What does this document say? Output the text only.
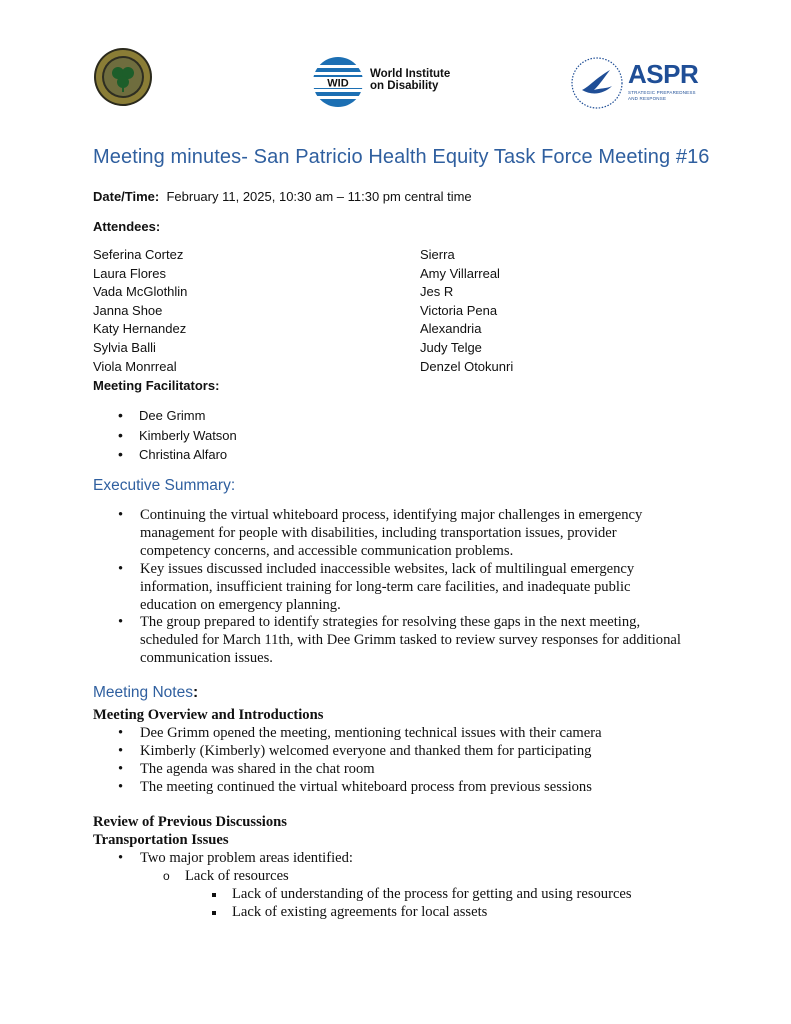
WID
World Institute
on Disability	ASPR
STRATEGIC PREPAREDNESS AND RESPONSE
Meeting minutes- San Patricio Health Equity Task Force Meeting #16
Date/Time: February 11, 2025, 10:30 am – 11:30 pm central time
Attendees:
Seferina Cortez
Laura Flores
Vada McGlothlin
Janna Shoe
Katy Hernandez
Sylvia Balli
Viola Monrreal
Sierra
Amy Villarreal
Jes R
Victoria Pena
Alexandria
Judy Telge
Denzel Otokunri
Meeting Facilitators:
• Dee Grimm
• Kimberly Watson
• Christina Alfaro
Executive Summary:
• Continuing the virtual whiteboard process, identifying major challenges in emergency management for people with disabilities, including transportation issues, provider competency concerns, and accessible communication problems.
• Key issues discussed included inaccessible websites, lack of multilingual emergency information, insufficient training for long-term care facilities, and inadequate public education on emergency planning.
• The group prepared to identify strategies for resolving these gaps in the next meeting, scheduled for March 11th, with Dee Grimm tasked to review survey responses for additional communication issues.
Meeting Notes:
Meeting Overview and Introductions
• Dee Grimm opened the meeting, mentioning technical issues with their camera
• Kimberly (Kimberly) welcomed everyone and thanked them for participating
• The agenda was shared in the chat room
• The meeting continued the virtual whiteboard process from previous sessions
Review of Previous Discussions
Transportation Issues
• Two major problem areas identified:
o Lack of resources
Lack of understanding of the process for getting and using resources
Lack of existing agreements for local assets
